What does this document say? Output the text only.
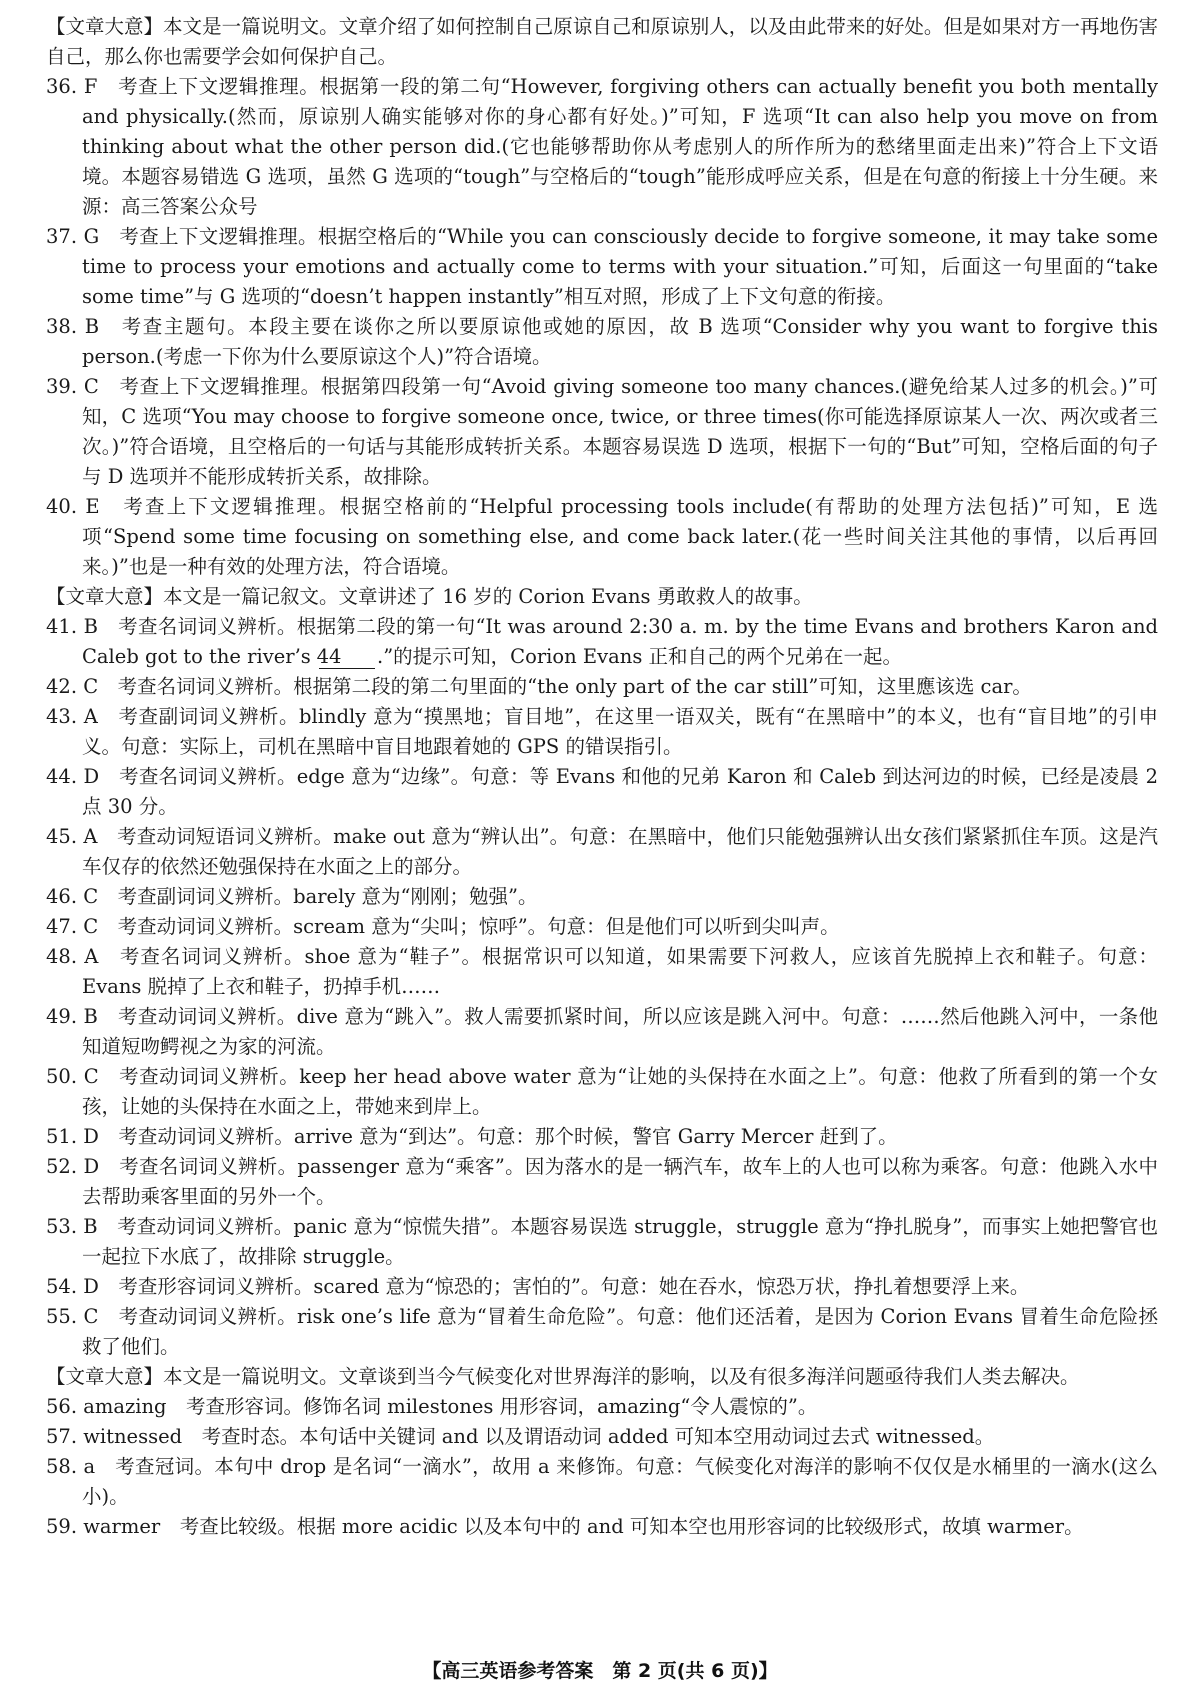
【文章大意】本文是一篇说明文。文章介绍了如何控制自己原谅自己和原谅别人，以及由此带来的好处。但是如果对方一再地伤害自己，那么你也需要学会如何保护自己。

36. F　考查上下文逻辑推理。根据第一段的第二句“However, forgiving others can actually benefit you both mentally and physically.(然而，原谅别人确实能够对你的身心都有好处。)”可知，F 选项“It can also help you move on from thinking about what the other person did.(它也能够帮助你从考虑别人的所作所为的愁绪里面走出来)”符合上下文语境。本题容易错选 G 选项，虽然 G 选项的“tough”与空格后的“tough”能形成呼应关系，但是在句意的衔接上十分生硬。来源：高三答案公众号

37. G　考查上下文逻辑推理。根据空格后的“While you can consciously decide to forgive someone, it may take some time to process your emotions and actually come to terms with your situation.”可知，后面这一句里面的“take some time”与 G 选项的“doesn’t happen instantly”相互对照，形成了上下文句意的衔接。

38. B　考查主题句。本段主要在谈你之所以要原谅他或她的原因，故 B 选项“Consider why you want to forgive this person.(考虑一下你为什么要原谅这个人)”符合语境。

39. C　考查上下文逻辑推理。根据第四段第一句“Avoid giving someone too many chances.(避免给某人过多的机会。)”可知，C 选项“You may choose to forgive someone once, twice, or three times(你可能选择原谅某人一次、两次或者三次。)”符合语境，且空格后的一句话与其能形成转折关系。本题容易误选 D 选项，根据下一句的“But”可知，空格后面的句子与 D 选项并不能形成转折关系，故排除。

40. E　考查上下文逻辑推理。根据空格前的“Helpful processing tools include(有帮助的处理方法包括)”可知，E 选项“Spend some time focusing on something else, and come back later.(花一些时间关注其他的事情，以后再回来。)”也是一种有效的处理方法，符合语境。

【文章大意】本文是一篇记叙文。文章讲述了 16 岁的 Corion Evans 勇敢救人的故事。

41. B　考查名词词义辨析。根据第二段的第一句“It was around 2:30 a. m. by the time Evans and brothers Karon and Caleb got to the river’s 44 .”的提示可知，Corion Evans 正和自己的两个兄弟在一起。

42. C　考查名词词义辨析。根据第二段的第二句里面的“the only part of the car still”可知，这里應该选 car。

43. A　考查副词词义辨析。blindly 意为“摸黑地；盲目地”，在这里一语双关，既有“在黑暗中”的本义，也有“盲目地”的引申义。句意：实际上，司机在黑暗中盲目地跟着她的 GPS 的错误指引。

44. D　考查名词词义辨析。edge 意为“边缘”。句意：等 Evans 和他的兄弟 Karon 和 Caleb 到达河边的时候，已经是凌晨 2 点 30 分。

45. A　考查动词短语词义辨析。make out 意为“辨认出”。句意：在黑暗中，他们只能勉强辨认出女孩们紧紧抓住车顶。这是汽车仅存的依然还勉强保持在水面之上的部分。

46. C　考查副词词义辨析。barely 意为“刚刚；勉强”。

47. C　考查动词词义辨析。scream 意为“尖叫；惊呼”。句意：但是他们可以听到尖叫声。

48. A　考查名词词义辨析。shoe 意为“鞋子”。根据常识可以知道，如果需要下河救人，应该首先脱掉上衣和鞋子。句意：Evans 脱掉了上衣和鞋子，扔掉手机……

49. B　考查动词词义辨析。dive 意为“跳入”。救人需要抓紧时间，所以应该是跳入河中。句意：……然后他跳入河中，一条他知道短吻鳄视之为家的河流。

50. C　考查动词词义辨析。keep her head above water 意为“让她的头保持在水面之上”。句意：他救了所看到的第一个女孩，让她的头保持在水面之上，带她来到岸上。

51. D　考查动词词义辨析。arrive 意为“到达”。句意：那个时候，警官 Garry Mercer 赶到了。

52. D　考查名词词义辨析。passenger 意为“乘客”。因为落水的是一辆汽车，故车上的人也可以称为乘客。句意：他跳入水中去帮助乘客里面的另外一个。

53. B　考查动词词义辨析。panic 意为“惊慌失措”。本题容易误选 struggle，struggle 意为“挣扎脱身”，而事实上她把警官也一起拉下水底了，故排除 struggle。

54. D　考查形容词词义辨析。scared 意为“惊恐的；害怕的”。句意：她在吞水，惊恐万状，挣扎着想要浮上来。

55. C　考查动词词义辨析。risk one’s life 意为“冒着生命危险”。句意：他们还活着，是因为 Corion Evans 冒着生命危险拯救了他们。

【文章大意】本文是一篇说明文。文章谈到当今气候变化对世界海洋的影响，以及有很多海洋问题亟待我们人类去解决。

56. amazing　考查形容词。修饰名词 milestones 用形容词，amazing“令人震惊的”。

57. witnessed　考查时态。本句话中关键词 and 以及谓语动词 added 可知本空用动词过去式 witnessed。

58. a　考查冠词。本句中 drop 是名词“一滴水”，故用 a 来修饰。句意：气候变化对海洋的影响不仅仅是水桶里的一滴水(这么小)。

59. warmer　考查比较级。根据 more acidic 以及本句中的 and 可知本空也用形容词的比较级形式，故填 warmer。

【高三英语参考答案　第 2 页(共 6 页)】
